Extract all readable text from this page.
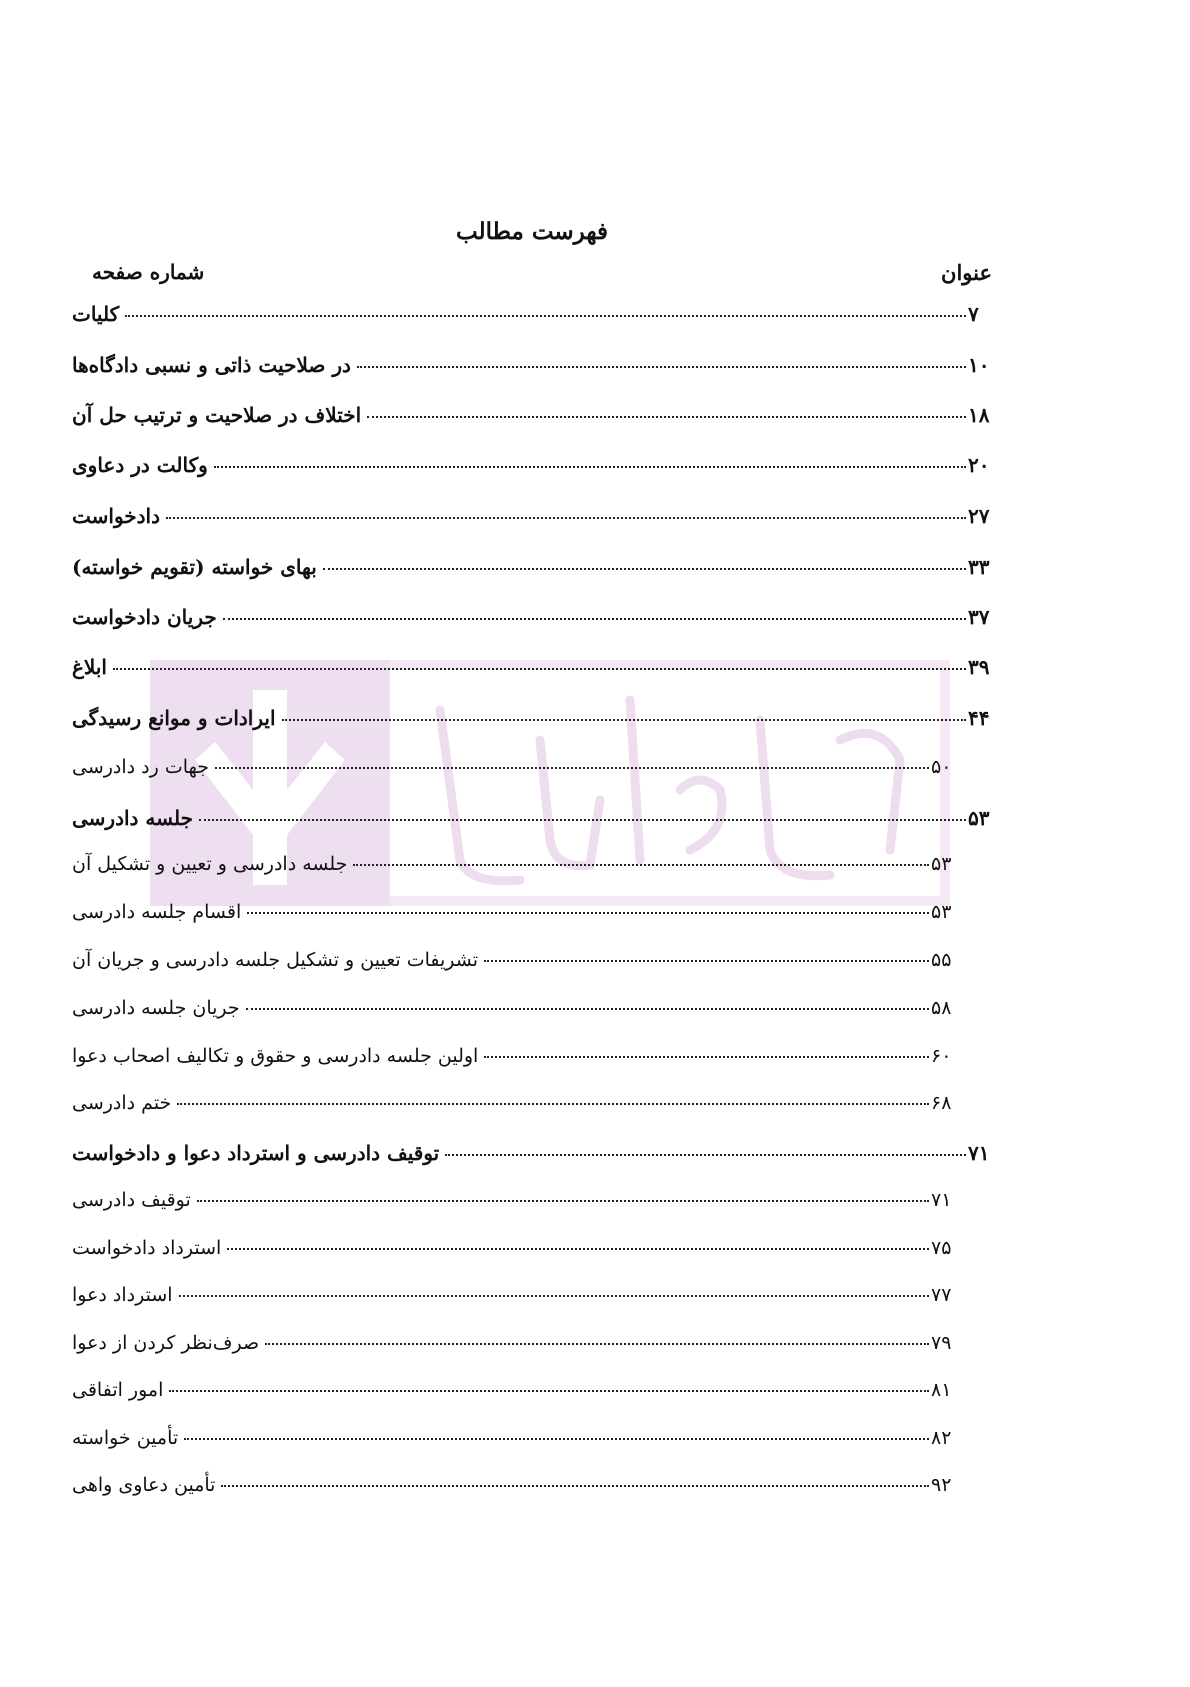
فهرست مطالب
عنوان
شماره صفحه
کلیات	۷
در صلاحیت ذاتی و نسبی دادگاه‌ها	۱۰
اختلاف در صلاحیت و ترتیب حل آن	۱۸
وکالت در دعاوی	۲۰
دادخواست	۲۷
بهای خواسته (تقویم خواسته)	۳۳
جریان دادخواست	۳۷
ابلاغ	۳۹
ایرادات و موانع رسیدگی	۴۴
جهات رد دادرسی	۵۰
جلسه دادرسی	۵۳
جلسه دادرسی و تعیین و تشکیل آن	۵۳
اقسام جلسه دادرسی	۵۳
تشریفات تعیین و تشکیل جلسه دادرسی و جریان آن	۵۵
جریان جلسه دادرسی	۵۸
اولین جلسه دادرسی و حقوق و تکالیف اصحاب دعوا	۶۰
ختم دادرسی	۶۸
توقیف دادرسی و استرداد دعوا و دادخواست	۷۱
توقیف دادرسی	۷۱
استرداد دادخواست	۷۵
استرداد دعوا	۷۷
صرف‌نظر کردن از دعوا	۷۹
امور اتفاقی	۸۱
تأمین خواسته	۸۲
تأمین دعاوی واهی	۹۲
